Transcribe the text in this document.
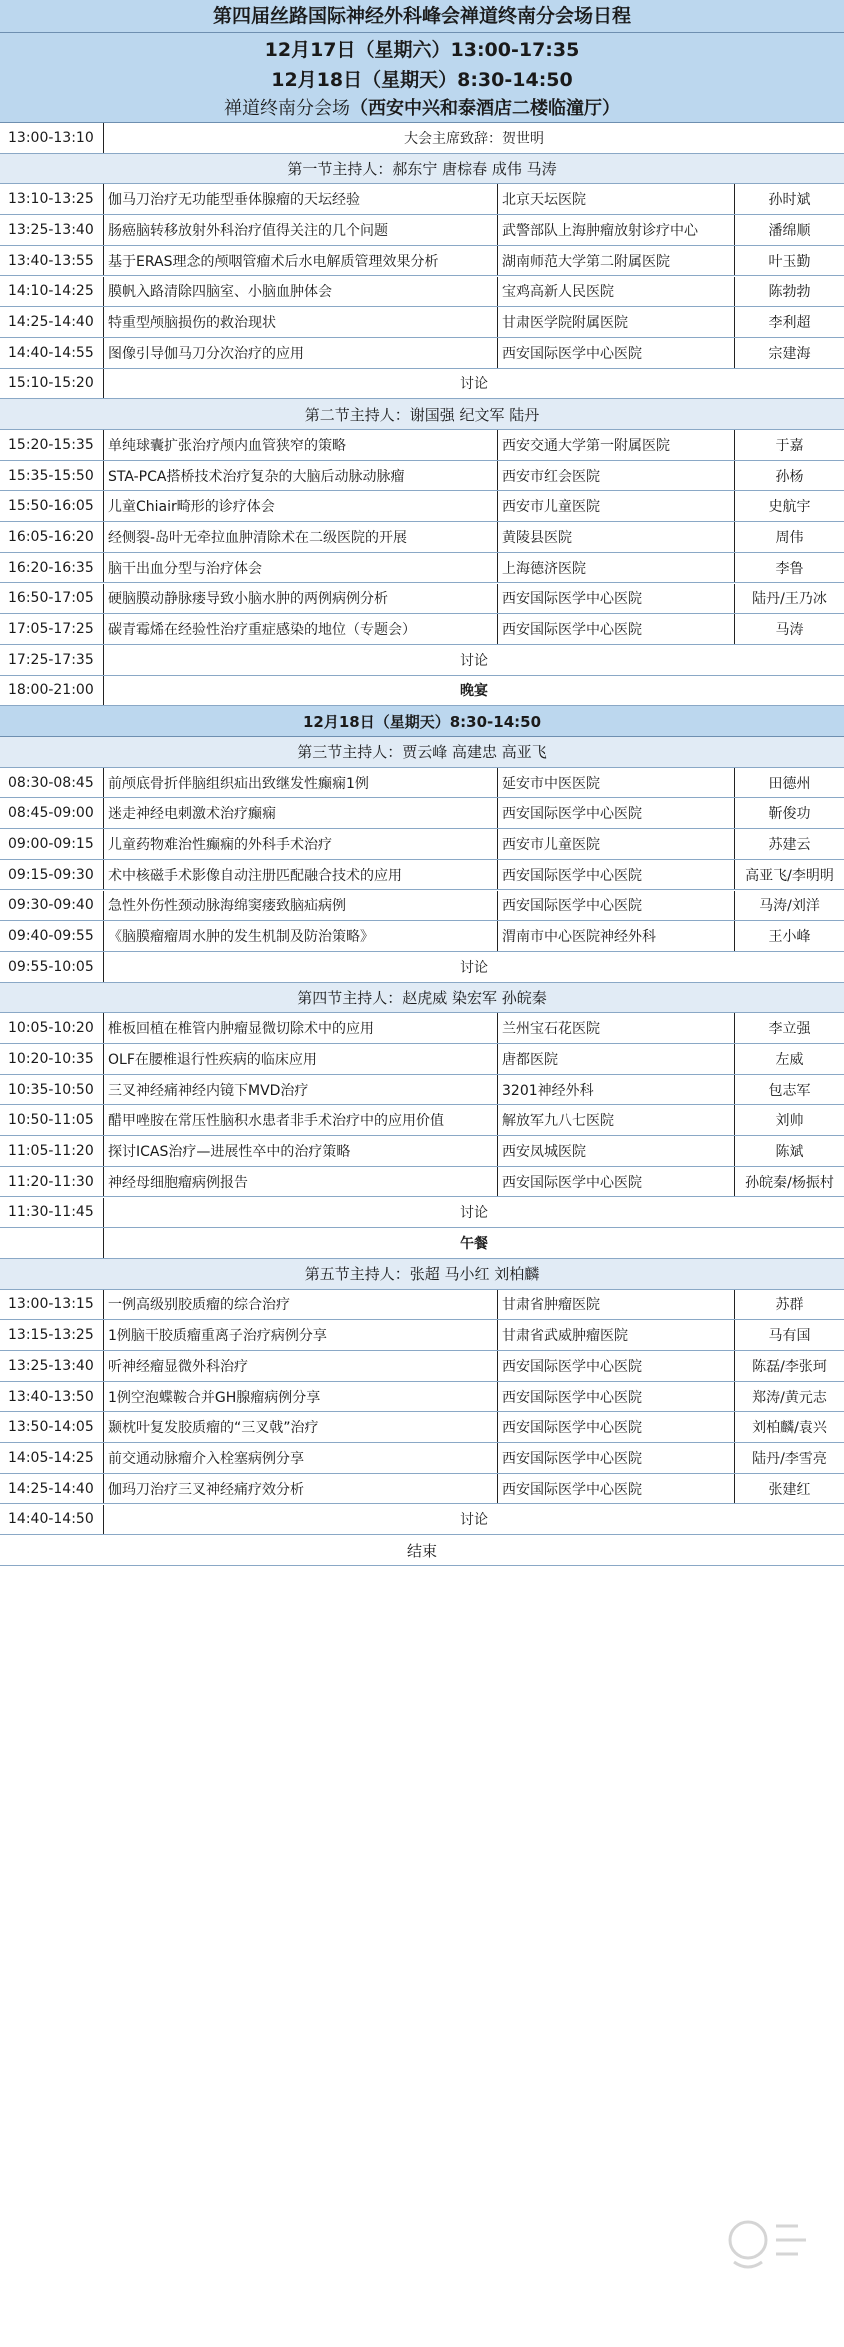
第四届丝路国际神经外科峰会禅道终南分会场日程
12月17日（星期六）13:00-17:35
12月18日（星期天）8:30-14:50
禅道终南分会场（西安中兴和泰酒店二楼临潼厅）
13:00-13:10	大会主席致辞：贺世明
第一节主持人：郝东宁 唐棕春 成伟 马涛
13:10-13:25	伽马刀治疗无功能型垂体腺瘤的天坛经验	北京天坛医院	孙时斌
13:25-13:40	肠癌脑转移放射外科治疗值得关注的几个问题	武警部队上海肿瘤放射诊疗中心	潘绵顺
13:40-13:55	基于ERAS理念的颅咽管瘤术后水电解质管理效果分析	湖南师范大学第二附属医院	叶玉勤
14:10-14:25	膜帆入路清除四脑室、小脑血肿体会	宝鸡高新人民医院	陈勃勃
14:25-14:40	特重型颅脑损伤的救治现状	甘肃医学院附属医院	李利超
14:40-14:55	图像引导伽马刀分次治疗的应用	西安国际医学中心医院	宗建海
15:10-15:20	讨论
第二节主持人：谢国强 纪文军 陆丹
15:20-15:35	单纯球囊扩张治疗颅内血管狭窄的策略	西安交通大学第一附属医院	于嘉
15:35-15:50	STA-PCA搭桥技术治疗复杂的大脑后动脉动脉瘤	西安市红会医院	孙杨
15:50-16:05	儿童Chiair畸形的诊疗体会	西安市儿童医院	史航宇
16:05-16:20	经侧裂-岛叶无牵拉血肿清除术在二级医院的开展	黄陵县医院	周伟
16:20-16:35	脑干出血分型与治疗体会	上海德济医院	李鲁
16:50-17:05	硬脑膜动静脉瘘导致小脑水肿的两例病例分析	西安国际医学中心医院	陆丹/王乃冰
17:05-17:25	碳青霉烯在经验性治疗重症感染的地位（专题会）	西安国际医学中心医院	马涛
17:25-17:35	讨论
18:00-21:00	晚宴
12月18日（星期天）8:30-14:50
第三节主持人：贾云峰 高建忠 高亚飞
08:30-08:45	前颅底骨折伴脑组织疝出致继发性癫痫1例	延安市中医医院	田德州
08:45-09:00	迷走神经电刺激术治疗癫痫	西安国际医学中心医院	靳俊功
09:00-09:15	儿童药物难治性癫痫的外科手术治疗	西安市儿童医院	苏建云
09:15-09:30	术中核磁手术影像自动注册匹配融合技术的应用	西安国际医学中心医院	高亚飞/李明明
09:30-09:40	急性外伤性颈动脉海绵窦瘘致脑疝病例	西安国际医学中心医院	马涛/刘洋
09:40-09:55	《脑膜瘤瘤周水肿的发生机制及防治策略》	渭南市中心医院神经外科	王小峰
09:55-10:05	讨论
第四节主持人：赵虎威 染宏军 孙皖秦
10:05-10:20	椎板回植在椎管内肿瘤显微切除术中的应用	兰州宝石花医院	李立强
10:20-10:35	OLF在腰椎退行性疾病的临床应用	唐都医院	左威
10:35-10:50	三叉神经痛神经内镜下MVD治疗	3201神经外科	包志军
10:50-11:05	醋甲唑胺在常压性脑积水患者非手术治疗中的应用价值	解放军九八七医院	刘帅
11:05-11:20	探讨ICAS治疗—进展性卒中的治疗策略	西安凤城医院	陈斌
11:20-11:30	神经母细胞瘤病例报告	西安国际医学中心医院	孙皖秦/杨振村
11:30-11:45	讨论
午餐
第五节主持人：张超 马小红 刘柏麟
13:00-13:15	一例高级别胶质瘤的综合治疗	甘肃省肿瘤医院	苏群
13:15-13:25	1例脑干胶质瘤重离子治疗病例分享	甘肃省武威肿瘤医院	马有国
13:25-13:40	听神经瘤显微外科治疗	西安国际医学中心医院	陈磊/李张珂
13:40-13:50	1例空泡蝶鞍合并GH腺瘤病例分享	西安国际医学中心医院	郑涛/黄元志
13:50-14:05	颞枕叶复发胶质瘤的“三叉戟”治疗	西安国际医学中心医院	刘柏麟/袁兴
14:05-14:25	前交通动脉瘤介入栓塞病例分享	西安国际医学中心医院	陆丹/李雪亮
14:25-14:40	伽玛刀治疗三叉神经痛疗效分析	西安国际医学中心医院	张建红
14:40-14:50	讨论
结束
